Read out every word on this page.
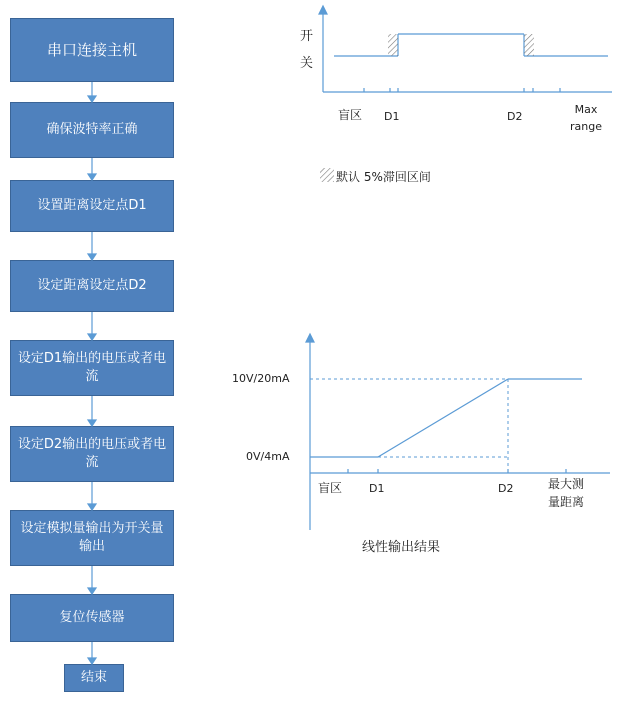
串口连接主机
确保波特率正确
设置距离设定点D1
设定距离设定点D2
设定D1输出的电压或者电流
设定D2输出的电压或者电流
设定模拟量输出为开关量输出
复位传感器
结束
开
关
盲区 D1	D2
Max
range
默认 5%滞回区间
10V/20mA
0V/4mA
盲区 D1	D2	最大测
量距离
线性输出结果
